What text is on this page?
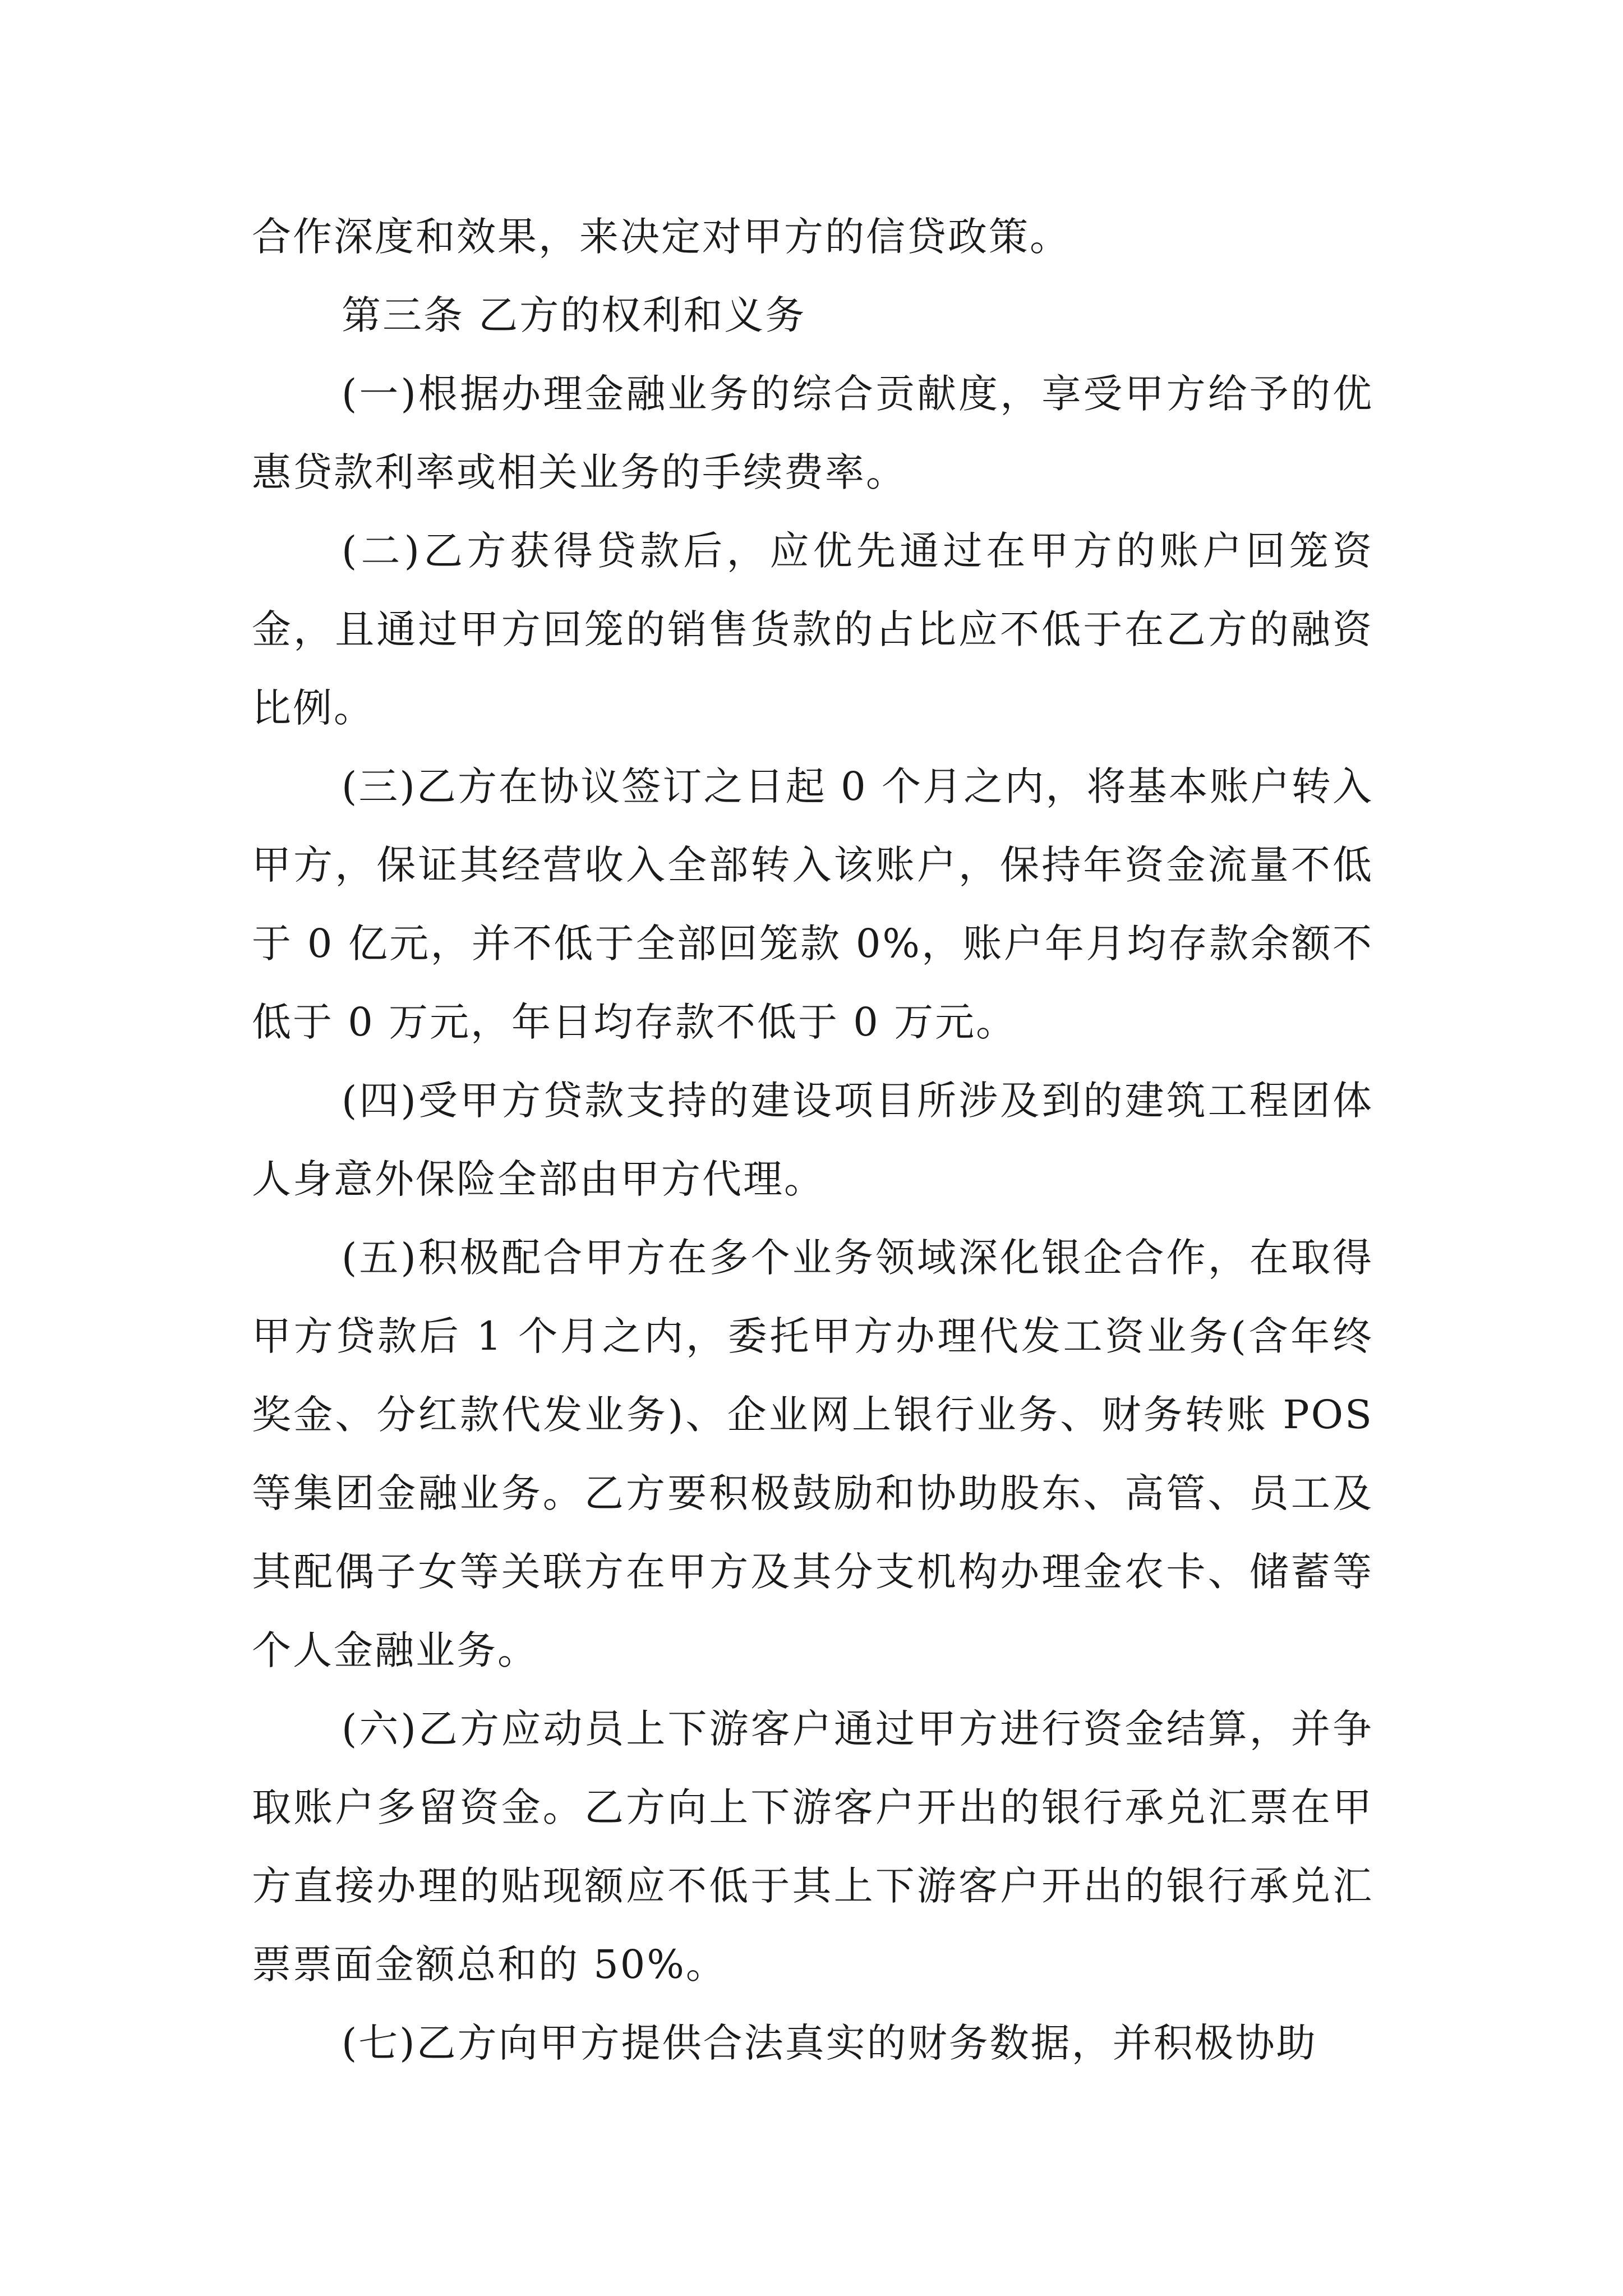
合作深度和效果，来决定对甲方的信贷政策。

第三条 乙方的权利和义务

(一)根据办理金融业务的综合贡献度，享受甲方给予的优惠贷款利率或相关业务的手续费率。

(二)乙方获得贷款后，应优先通过在甲方的账户回笼资金，且通过甲方回笼的销售货款的占比应不低于在乙方的融资比例。

(三)乙方在协议签订之日起 0 个月之内，将基本账户转入甲方，保证其经营收入全部转入该账户，保持年资金流量不低于 0 亿元，并不低于全部回笼款 0%，账户年月均存款余额不低于 0 万元，年日均存款不低于 0 万元。

(四)受甲方贷款支持的建设项目所涉及到的建筑工程团体人身意外保险全部由甲方代理。

(五)积极配合甲方在多个业务领域深化银企合作，在取得甲方贷款后 1 个月之内，委托甲方办理代发工资业务(含年终奖金、分红款代发业务)、企业网上银行业务、财务转账 POS 等集团金融业务。乙方要积极鼓励和协助股东、高管、员工及其配偶子女等关联方在甲方及其分支机构办理金农卡、储蓄等个人金融业务。

(六)乙方应动员上下游客户通过甲方进行资金结算，并争取账户多留资金。乙方向上下游客户开出的银行承兑汇票在甲方直接办理的贴现额应不低于其上下游客户开出的银行承兑汇票票面金额总和的 50%。

(七)乙方向甲方提供合法真实的财务数据，并积极协助
